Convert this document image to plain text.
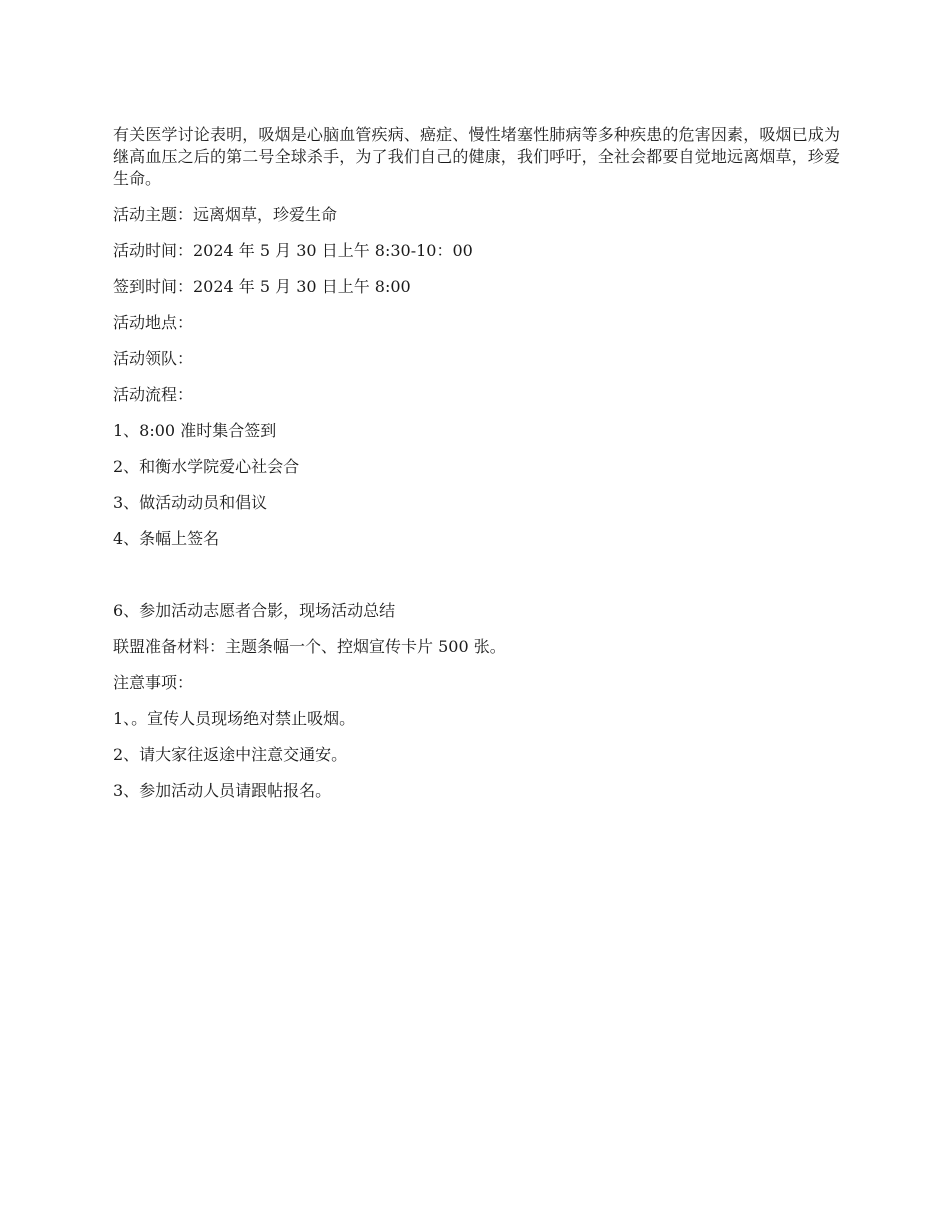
有关医学讨论表明，吸烟是心脑血管疾病、癌症、慢性堵塞性肺病等多种疾患的危害因素，吸烟已成为继高血压之后的第二号全球杀手，为了我们自己的健康，我们呼吁，全社会都要自觉地远离烟草，珍爱生命。

活动主题：远离烟草，珍爱生命

活动时间：2024 年 5 月 30 日上午 8:30-10：00

签到时间：2024 年 5 月 30 日上午 8:00

活动地点：

活动领队：

活动流程：

1、8:00 准时集合签到

2、和衡水学院爱心社会合

3、做活动动员和倡议

4、条幅上签名

6、参加活动志愿者合影，现场活动总结

联盟准备材料：主题条幅一个、控烟宣传卡片 500 张。

注意事项：

1、。宣传人员现场绝对禁止吸烟。

2、请大家往返途中注意交通安。

3、参加活动人员请跟帖报名。
